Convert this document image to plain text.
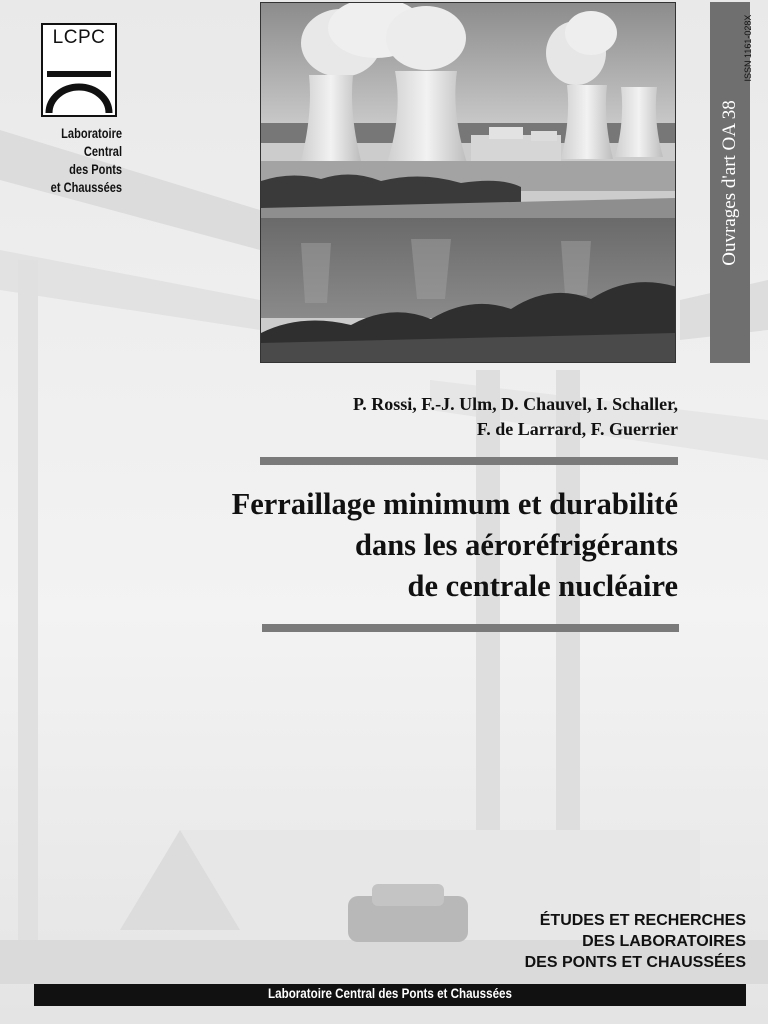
LCPC
Laboratoire
Central
des Ponts
et Chaussées	Ouvrages d'art OA 38
ISSN 1161-028X
P. Rossi, F.-J. Ulm, D. Chauvel, I. Schaller,
F. de Larrard, F. Guerrier
Ferraillage minimum et durabilité
dans les aéroréfrigérants
de centrale nucléaire
ÉTUDES ET RECHERCHES
DES LABORATOIRES
DES PONTS ET CHAUSSÉES
Laboratoire Central des Ponts et Chaussées
